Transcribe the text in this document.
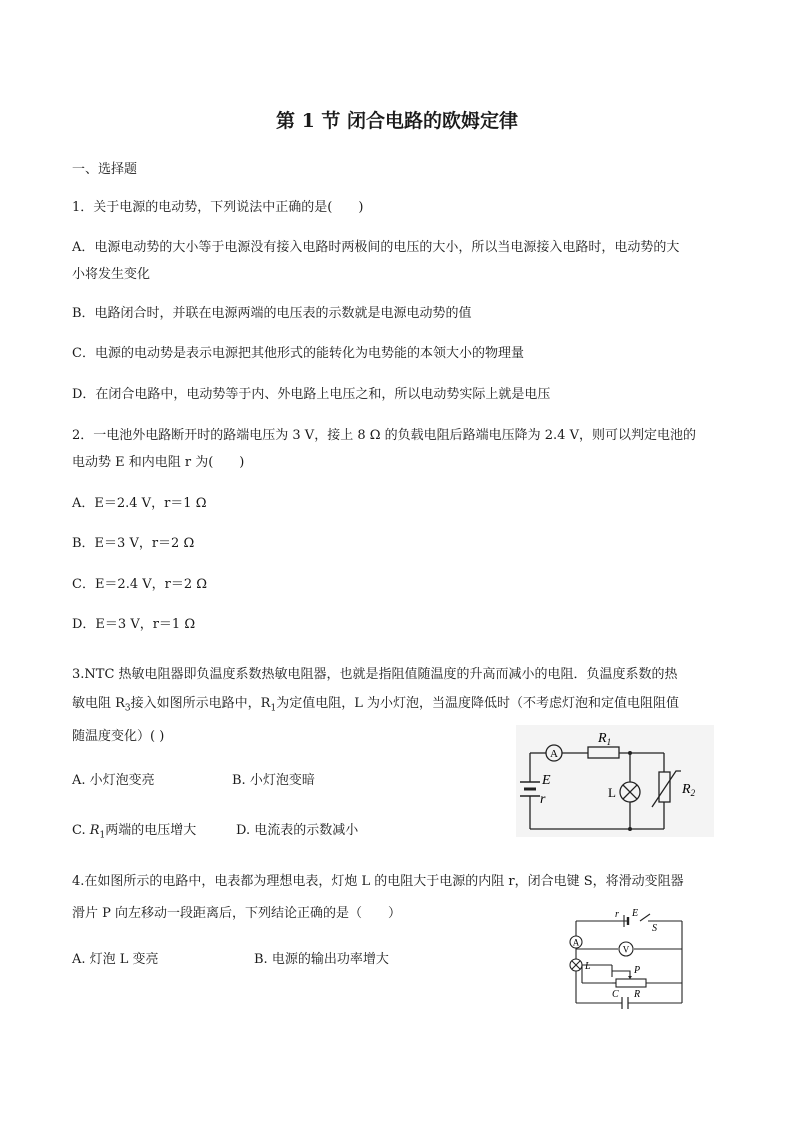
第 1 节 闭合电路的欧姆定律
一、选择题
1．关于电源的电动势，下列说法中正确的是(　　)
A．电源电动势的大小等于电源没有接入电路时两极间的电压的大小，所以当电源接入电路时，电动势的大
小将发生变化
B．电路闭合时，并联在电源两端的电压表的示数就是电源电动势的值
C．电源的电动势是表示电源把其他形式的能转化为电势能的本领大小的物理量
D．在闭合电路中，电动势等于内、外电路上电压之和，所以电动势实际上就是电压
2．一电池外电路断开时的路端电压为 3 V，接上 8 Ω 的负载电阻后路端电压降为 2.4 V，则可以判定电池的
电动势 E 和内电阻 r 为(　　)
A．E＝2.4 V，r＝1 Ω
B．E＝3 V，r＝2 Ω
C．E＝2.4 V，r＝2 Ω
D．E＝3 V，r＝1 Ω
3.NTC 热敏电阻器即负温度系数热敏电阻器，也就是指阻值随温度的升高而减小的电阻．负温度系数的热
敏电阻 $R_3$接入如图所示电路中，$R_1$为定值电阻，L 为小灯泡，当温度降低时（不考虑灯泡和定值电阻阻值
随温度变化）( )
A. 小灯泡变亮	B. 小灯泡变暗
C. $R_1$两端的电压增大	D. 电流表的示数减小
A
$R_1$
E
r	L	$R_2$
4.在如图所示的电路中，电表都为理想电表，灯炮 L 的电阻大于电源的内阻 r，闭合电键 S，将滑动变阻器
滑片 P 向左移动一段距离后，下列结论正确的是（　　）
A. 灯泡 L 变亮	B. 电源的输出功率增大
r E
S
A
V
L	P
R
C
